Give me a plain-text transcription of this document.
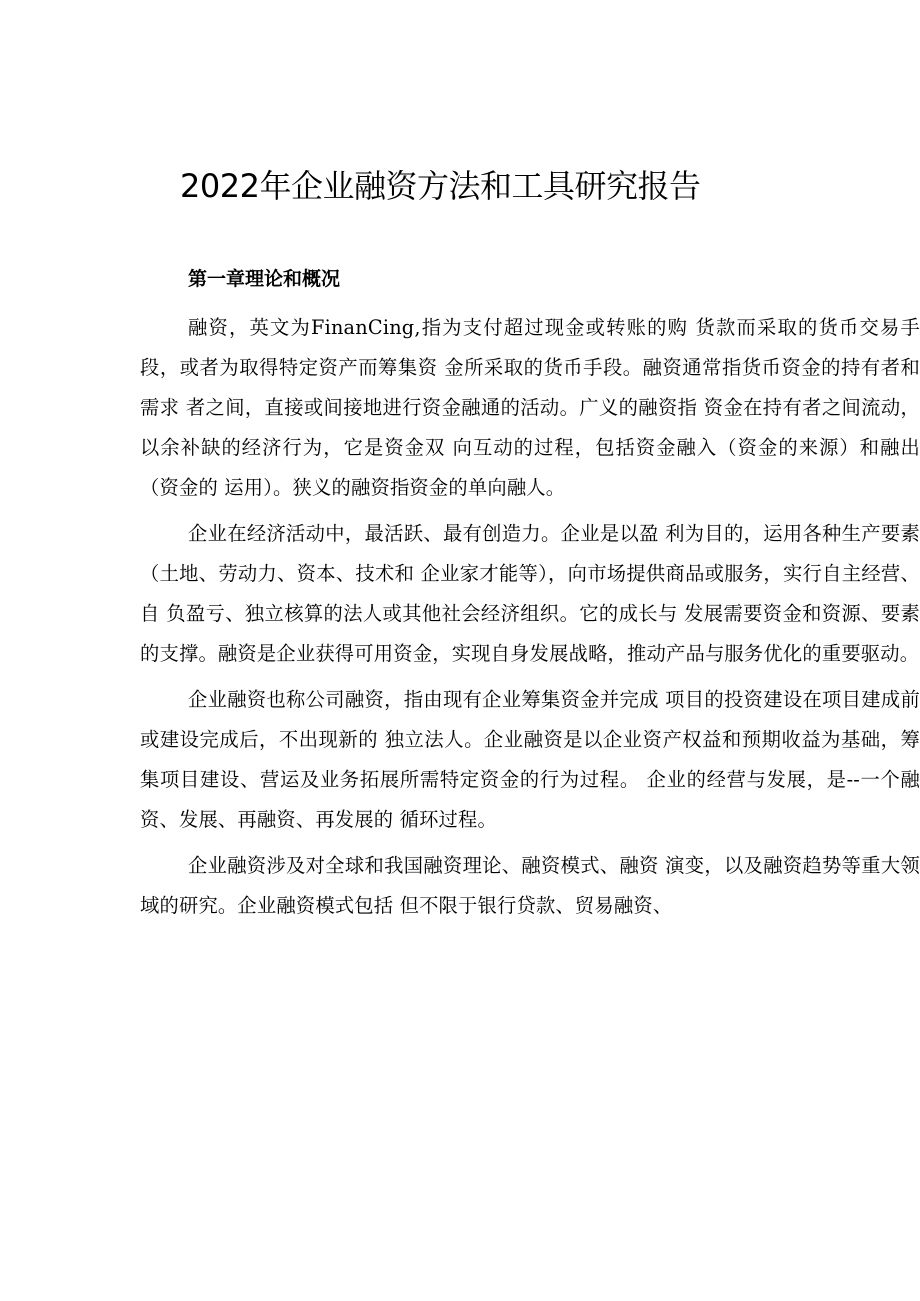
2022年企业融资方法和工具研究报告
第一章理论和概况

融资，英文为FinanCing,指为支付超过现金或转账的购 货款而采取的货币交易手段，或者为取得特定资产而筹集资 金所采取的货币手段。融资通常指货币资金的持有者和需求 者之间，直接或间接地进行资金融通的活动。广义的融资指 资金在持有者之间流动，以余补缺的经济行为，它是资金双 向互动的过程，包括资金融入（资金的来源）和融出（资金的 运用）。狭义的融资指资金的单向融人。

企业在经济活动中，最活跃、最有创造力。企业是以盈 利为目的，运用各种生产要素（土地、劳动力、资本、技术和 企业家才能等），向市场提供商品或服务，实行自主经营、自 负盈亏、独立核算的法人或其他社会经济组织。它的成长与 发展需要资金和资源、要素的支撑。融资是企业获得可用资金，实现自身发展战略，推动产品与服务优化的重要驱动。

企业融资也称公司融资，指由现有企业筹集资金并完成 项目的投资建设在项目建成前或建设完成后，不出现新的 独立法人。企业融资是以企业资产权益和预期收益为基础，筹集项目建设、营运及业务拓展所需特定资金的行为过程。 企业的经营与发展，是--一个融资、发展、再融资、再发展的 循环过程。

企业融资涉及对全球和我国融资理论、融资模式、融资 演变，以及融资趋势等重大领域的研究。企业融资模式包括 但不限于银行贷款、贸易融资、
